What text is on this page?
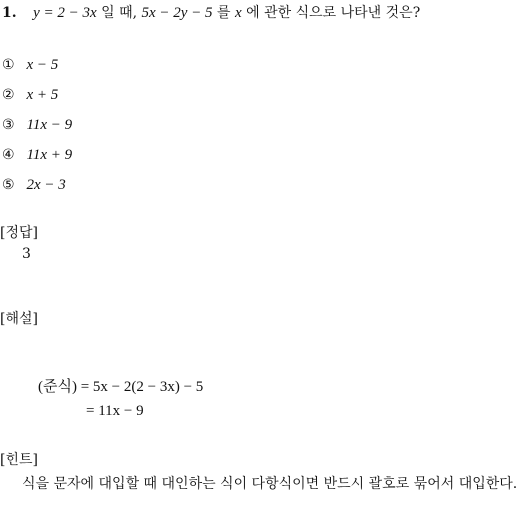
1. y = 2 − 3x 일 때, 5x − 2y − 5 를 x 에 관한 식으로 나타낸 것은?
① x − 5
② x + 5
③ 11x − 9
④ 11x + 9
⑤ 2x − 3
[정답]
3
[해설]
(준식) = 5x − 2(2 − 3x) − 5
= 11x − 9
[힌트]
식을 문자에 대입할 때 대인하는 식이 다항식이면 반드시 괄호로 묶어서 대입한다.
